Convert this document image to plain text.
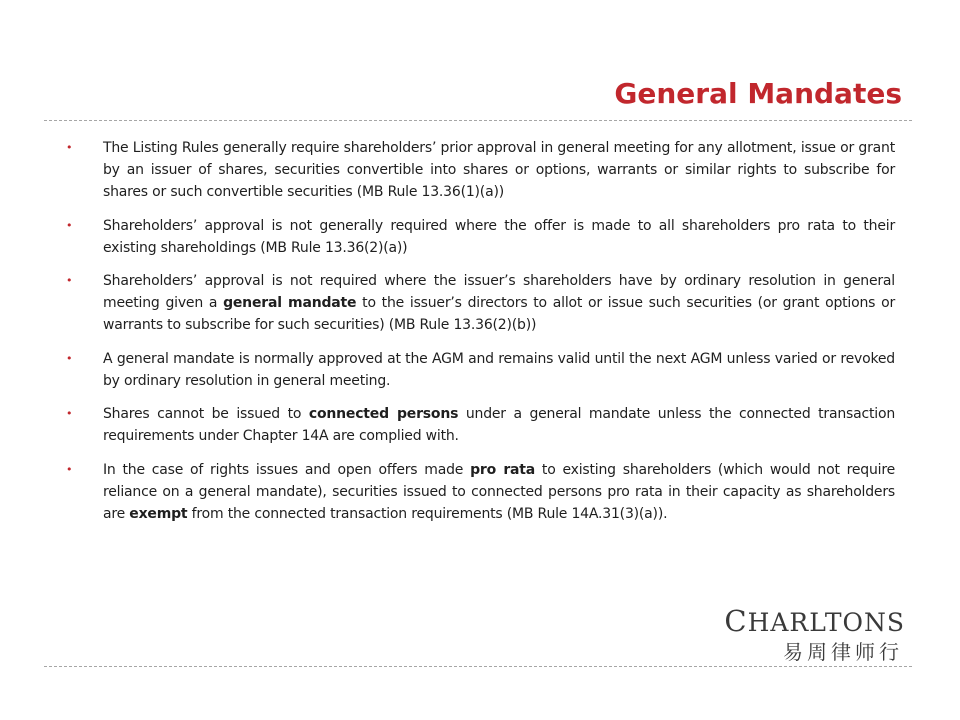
General Mandates
• The Listing Rules generally require shareholders’ prior approval in general meeting for any allotment, issue or grant by an issuer of shares, securities convertible into shares or options, warrants or similar rights to subscribe for shares or such convertible securities (MB Rule 13.36(1)(a))
• Shareholders’ approval is not generally required where the offer is made to all shareholders pro rata to their existing shareholdings (MB Rule 13.36(2)(a))
• Shareholders’ approval is not required where the issuer’s shareholders have by ordinary resolution in general meeting given a general mandate to the issuer’s directors to allot or issue such securities (or grant options or warrants to subscribe for such securities) (MB Rule 13.36(2)(b))
• A general mandate is normally approved at the AGM and remains valid until the next AGM unless varied or revoked by ordinary resolution in general meeting.
• Shares cannot be issued to connected persons under a general mandate unless the connected transaction requirements under Chapter 14A are complied with.
• In the case of rights issues and open offers made pro rata to existing shareholders (which would not require reliance on a general mandate), securities issued to connected persons pro rata in their capacity as shareholders are exempt from the connected transaction requirements (MB Rule 14A.31(3)(a)).
CHARLTONS
易周律师行
